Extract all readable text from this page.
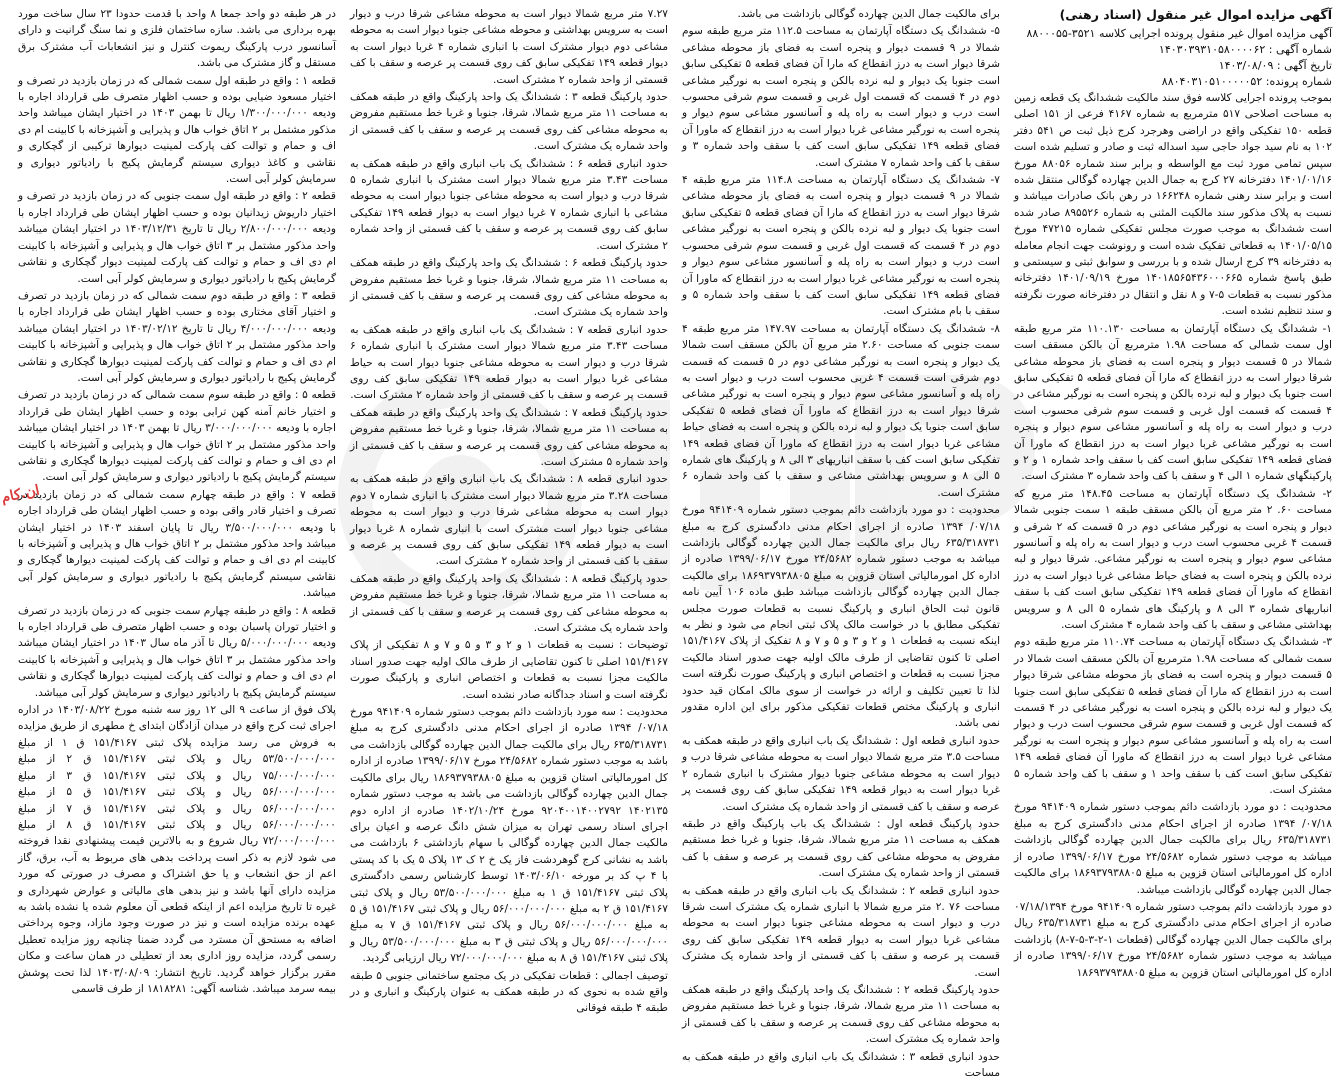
ان.کام
آگهی مزایده اموال غیر منقول (اسناد رهنی)
آگهی مزایده اموال غیر منقول پرونده اجرایی کلاسه ۳۵۲۱-۸۸۰۰۰۵۵
شماره آگهی : ۱۴۰۳۰۳۹۳۱۰۵۸۰۰۰۰۶۲
تاریخ آگهی : ۱۴۰۳/۰۸/۰۹
شماره پرونده: ۸۸۰۴۰۳۱۰۵۱۰۰۰۰۰۵۲

بموجب پرونده اجرایی کلاسه فوق سند مالکیت ششدانگ یک قطعه زمین به مساحت اصلاحی ۵۱۷ مترمربع به شماره ۴۱۶۷ فرعی از ۱۵۱ اصلی قطعه ۱۵۰ تفکیکی واقع در اراضی وهرجرد کرج ذیل ثبت ص ۵۴۱ دفتر ۱۰۲ به نام سید جواد حاجی سید اسداله ثبت و صادر و تسلیم شده است سپس تمامی مورد ثبت مع الواسطه و برابر سند شماره ۸۸۰۵۶ مورخ ۱۴۰۱/۰۱/۱۶ دفترخانه ۲۷ کرج به جمال الدین چهارده گوگالی منتقل شده است و برابر سند رهنی شماره ۱۶۶۲۴۸ در رهن بانک صادرات میباشد و نسبت به پلاک مذکور سند مالکیت المثنی به شماره ۸۹۵۵۲۶ صادر شده است ششدانگ به موجب صورت مجلس تفکیکی شماره ۴۷۲۱۵ مورخ ۱۴۰۱/۰۵/۱۵ به قطعاتی تفکیک شده است و رونوشت جهت انجام معامله به دفترخانه ۳۹ کرج ارسال شده و با بررسی و سوابق ثبتی و سیستمی و طبق پاسخ شماره ۱۴۰۱۸۵۶۵۴۳۶۰۰۰۶۶۵ مورخ ۱۴۰۱/۰۹/۱۹ دفترخانه مذکور نسبت به قطعات ۵-۷ و ۸ نقل و انتقال در دفترخانه صورت نگرفته و سند تنظیم نشده است.

۱- ششدانگ یک دستگاه آپارتمان به مساحت ۱۱۰.۱۳۰ متر مربع طبقه اول سمت شمالی که مساحت ۱.۹۸ مترمربع آن بالکن مسقف است شمالا در ۵ قسمت دیوار و پنجره است به فضای باز محوطه مشاعی شرقا دیوار است به درز انقطاع که مارا آن فضای قطعه ۵ تفکیکی سابق است جنوبا یک دیوار و لبه نرده بالکن و پنجره است به نورگیر مشاعی در ۴ قسمت که قسمت اول غربی و قسمت سوم شرقی محسوب است درب و دیوار است به راه پله و آسانسور مشاعی سوم دیوار و پنجره است به نورگیر مشاعی غربا دیوار است به درز انقطاع که ماورا آن فضای قطعه ۱۴۹ تفکیکی سابق است کف با سقف واحد شماره ۱ و ۲ و پارکینگهای شماره ۱ الی ۴ و سقف با کف واحد شماره ۳ مشترک است.

۲- ششدانگ یک دستگاه آپارتمان به مساحت ۱۴۸.۴۵ متر مربع که مساحت ۶۰. ۲ متر مربع آن بالکن مسقف طبقه ۱ سمت جنوبی شمالا دیوار و پنجره است به نورگیر مشاعی دوم در ۵ قسمت که ۲ شرقی و قسمت ۴ غربی محسوب است درب و دیوار است به راه پله و آسانسور مشاعی سوم دیوار و پنجره است به نورگیر مشاعی. شرقا دیوار و لبه نرده بالکن و پنجره است به فضای حیاط مشاعی غربا دیوار است به درز انقطاع که ماورا آن فضای قطعه ۱۴۹ تفکیکی سابق است کف با سقف انباریهای شماره ۳ الی ۸ و پارکینگ های شماره ۵ الی ۸ و سرویس بهداشتی مشاعی و سقف با کف واحد شماره ۴ مشترک است.

۳- ششدانگ یک دستگاه آپارتمان به مساحت ۱۱۰.۷۴ متر مربع طبقه دوم سمت شمالی که مساحت ۱.۹۸ مترمربع آن بالکن مسقف است شمالا در ۵ قسمت دیوار و پنجره است به فضای باز محوطه مشاعی شرقا دیوار است به درز انقطاع که مارا آن فضای قطعه ۵ تفکیکی سابق است جنوبا یک دیوار و لبه نرده بالکن و پنجره است به نورگیر مشاعی در ۴ قسمت که قسمت اول غربی و قسمت سوم شرقی محسوب است درب و دیوار است به راه پله و آسانسور مشاعی سوم دیوار و پنجره است به نورگیر مشاعی غربا دیوار است به درز انقطاع که ماورا آن فضای قطعه ۱۴۹ تفکیکی سابق است کف با سقف واحد ۱ و سقف با کف واحد شماره ۵ مشترک است.

محدودیت : دو مورد بازداشت دائم بموجب دستور شماره ۹۴۱۴۰۹ مورخ ۰۷/۱۸/ ۱۳۹۴ صادره از اجرای احکام مدنی دادگستری کرج به مبلغ ۶۳۵/۳۱۸۷۳۱ ریال برای مالکیت جمال الدین چهارده گوگالی بازداشت میباشد به موجب دستور شماره ۲۴/۵۶۸۲ مورخ ۱۳۹۹/۰۶/۱۷ صادره از اداره کل امورمالیاتی استان قزوین به مبلغ ۱۸۶۹۳۷۹۳۸۸۰۵ برای مالکیت جمال الدین چهارده گوگالی بازداشت میباشد.

دو مورد بازداشت دائم بموجب دستور شماره ۹۴۱۴۰۹ مورخ ۰۷/۱۸/۱۳۹۴ صادره از اجرای احکام مدنی دادگستری کرج به مبلغ ۶۳۵/۳۱۸۷۳۱ ریال برای مالکیت جمال الدین چهارده گوگالی (قطعات ۱-۲-۳-۵-۷-۸) بازداشت میباشد به موجب دستور شماره ۲۴/۵۶۸۲ مورخ ۱۳۹۹/۰۶/۱۷ صادره از اداره کل امورمالیاتی استان قزوین به مبلغ ۱۸۶۹۳۷۹۳۸۸۰۵

برای مالکیت جمال الدین چهارده گوگالی بازداشت می باشد.

۵- ششدانگ یک دستگاه آپارتمان به مساحت ۱۱۲.۵ متر مربع طبقه سوم شمالا در ۹ قسمت دیوار و پنجره است به فضای باز محوطه مشاعی شرقا دیوار است به درز انقطاع که مارا آن فضای قطعه ۵ تفکیکی سابق است جنوبا یک دیوار و لبه نرده بالکن و پنجره است به نورگیر مشاعی دوم در ۴ قسمت که قسمت اول غربی و قسمت سوم شرقی محسوب است درب و دیوار است به راه پله و آسانسور مشاعی سوم دیوار و پنجره است به نورگیر مشاعی غربا دیوار است به درز انقطاع که ماورا آن فضای قطعه ۱۴۹ تفکیکی سابق است کف با سقف واحد شماره ۳ و سقف با کف واحد شماره ۷ مشترک است.

۷- ششدانگ یک دستگاه آپارتمان به مساحت ۱۱۴.۸ متر مربع طبقه ۴ شمالا در ۹ قسمت دیوار و پنجره است به فضای باز محوطه مشاعی شرقا دیوار است به درز انقطاع که مارا آن فضای قطعه ۵ تفکیکی سابق است جنوبا یک دیوار و لبه نرده بالکن و پنجره است به نورگیر مشاعی دوم در ۴ قسمت که قسمت اول غربی و قسمت سوم شرقی محسوب است درب و دیوار است به راه پله و آسانسور مشاعی سوم دیوار و پنجره است به نورگیر مشاعی غربا دیوار است به درز انقطاع که ماورا آن فضای قطعه ۱۴۹ تفکیکی سابق است کف با سقف واحد شماره ۵ و سقف با بام مشترک است.

۸- ششدانگ یک دستگاه آپارتمان به مساحت ۱۴۷.۹۷ متر مربع طبقه ۴ سمت جنوبی که مساحت ۲.۶۰ متر مربع آن بالکن مسقف است شمالا یک دیوار و پنجره است به نورگیر مشاعی دوم در ۵ قسمت که قسمت دوم شرقی است قسمت ۴ غربی محسوب است درب و دیوار است به راه پله و آسانسور مشاعی سوم دیوار و پنجره است به نورگیر مشاعی شرقا دیوار است به درز انقطاع که ماورا آن فضای قطعه ۵ تفکیکی سابق است جنوبا یک دیوار و لبه نرده بالکن و پنجره است به فضای حیاط مشاعی غربا دیوار است به درز انقطاع که ماورا آن فضای قطعه ۱۴۹ تفکیکی سابق است کف با سقف انباریهای ۳ الی ۸ و پارکینگ های شماره ۵ الی ۸ و سرویس بهداشتی مشاعی و سقف با کف واحد شماره ۶ مشترک است.

محدودیت : دو مورد بازداشت دائم بموجب دستور شماره ۹۴۱۴۰۹ مورخ ۰۷/۱۸/ ۱۳۹۴ صادره از اجرای احکام مدنی دادگستری کرج به مبلغ ۶۳۵/۳۱۸۷۳۱ ریال برای مالکیت جمال الدین چهارده گوگالی بازداشت میباشد به موجب دستور شماره ۲۴/۵۶۸۲ مورخ ۱۳۹۹/۰۶/۱۷ صادره از اداره کل امورمالیاتی استان قزوین به مبلغ ۱۸۶۹۳۷۹۳۸۸۰۵ برای مالکیت جمال الدین چهارده گوگالی بازداشت میباشد طبق ماده ۱۰۶ آیین نامه قانون ثبت الحاق انباری و پارکینگ نسبت به قطعات صورت مجلس تفکیکی مطابق با در خواست مالک پلاک ثبتی انجام می شود و نظر به اینکه نسبت به قطعات ۱ و ۲ و ۳ و ۵ و ۷ و ۸ تفکیک از پلاک ۱۵۱/۴۱۶۷ اصلی تا کنون تقاضایی از طرف مالک اولیه جهت صدور اسناد مالکیت مجزا نسبت به قطعات و اختصاص انباری و پارکینگ صورت نگرفته است لذا تا تعیین تکلیف و ارائه در خواست از سوی مالک امکان قید حدود انباری و پارکینگ مختص قطعات تفکیکی مذکور برای این اداره مقدور نمی باشد.

حدود انباری قطعه اول : ششدانگ یک باب انباری واقع در طبقه همکف به مساحت ۳.۵ متر مربع شمالا دیوار است به محوطه مشاعی شرقا درب و دیوار است به محوطه مشاعی جنوبا دیوار مشترک با انباری شماره ۲ غربا دیوار است به دیوار قطعه ۱۴۹ تفکیکی سابق کف روی قسمت پر عرصه و سقف با کف قسمتی از واحد شماره یک مشترک است.

حدود پارکینگ قطعه اول : ششدانگ یک باب پارکینگ واقع در طبقه همکف به مساحت ۱۱ متر مربع شمالا، شرقا، جنوبا و غربا خط مستقیم مفروض به محوطه مشاعی کف روی قسمت پر عرصه و سقف با کف قسمتی از واحد شماره یک مشترک است.

حدود انباری قطعه ۲ : ششدانگ یک باب انباری واقع در طبقه همکف به مساحت ۷۶ .۲ متر مربع شمالا با انباری شماره یک مشترک است شرقا درب و دیوار است به محوطه مشاعی جنوبا دیوار است به محوطه مشاعی غربا دیوار است به دیوار قطعه ۱۴۹ تفکیکی سابق کف روی قسمت پر عرصه و سقف با کف قسمتی از واحد شماره یک مشترک است.

حدود پارکینگ قطعه ۲ : ششدانگ یک واحد پارکینگ واقع در طبقه همکف به مساحت ۱۱ متر مربع شمالا، شرقا، جنوبا و غربا خط مستقیم مفروض به محوطه مشاعی کف روی قسمت پر عرصه و سقف با کف قسمتی از واحد شماره یک مشترک است.

حدود انباری قطعه ۳ : ششدانگ یک باب انباری واقع در طبقه همکف به مساحت

۷.۲۷ متر مربع شمالا دیوار است به محوطه مشاعی شرقا درب و دیوار است به سرویس بهداشتی و محوطه مشاعی جنوبا دیوار است به محوطه مشاعی دوم دیوار مشترک است با انباری شماره ۴ غربا دیوار است به دیوار قطعه ۱۴۹ تفکیکی سابق کف روی قسمت پر عرصه و سقف با کف قسمتی از واحد شماره ۲ مشترک است.

حدود پارکینگ قطعه ۳ : ششدانگ یک واحد پارکینگ واقع در طبقه همکف به مساحت ۱۱ متر مربع شمالا، شرقا، جنوبا و غربا خط مستقیم مفروض به محوطه مشاعی کف روی قسمت پر عرصه و سقف با کف قسمتی از واحد شماره یک مشترک است.

حدود انباری قطعه ۶ : ششدانگ یک باب انباری واقع در طبقه همکف به مساحت ۳.۴۳ متر مربع شمالا دیوار است مشترک با انباری شماره ۵ شرقا درب و دیوار است به محوطه مشاعی جنوبا دیوار است به محوطه مشاعی با انباری شماره ۷ غربا دیوار است به دیوار قطعه ۱۴۹ تفکیکی سابق کف روی قسمت پر عرصه و سقف با کف قسمتی از واحد شماره ۲ مشترک است.

حدود پارکینگ قطعه ۶ : ششدانگ یک واحد پارکینگ واقع در طبقه همکف به مساحت ۱۱ متر مربع شمالا، شرقا، جنوبا و غربا خط مستقیم مفروض به محوطه مشاعی کف روی قسمت پر عرصه و سقف با کف قسمتی از واحد شماره یک مشترک است.

حدود انباری قطعه ۷ : ششدانگ یک باب انباری واقع در طبقه همکف به مساحت ۳.۴۳ متر مربع شمالا دیوار است مشترک با انباری شماره ۶ شرقا درب و دیوار است به محوطه مشاعی جنوبا دیوار است به حیاط مشاعی غربا دیوار است به دیوار قطعه ۱۴۹ تفکیکی سابق کف روی قسمت پر عرصه و سقف با کف قسمتی از واحد شماره ۲ مشترک است.

حدود پارکینگ قطعه ۷ : ششدانگ یک واحد پارکینگ واقع در طبقه همکف به مساحت ۱۱ متر مربع شمالا، شرقا، جنوبا و غربا خط مستقیم مفروض به محوطه مشاعی کف روی قسمت پر عرصه و سقف با کف قسمتی از واحد شماره ۵ مشترک است.

حدود انباری قطعه ۸ : ششدانگ یک باب انباری واقع در طبقه همکف به مساحت ۳.۲۸ متر مربع شمالا دیوار است مشترک با انباری شماره ۷ دوم دیوار است به محوطه مشاعی شرقا درب و دیوار است به محوطه مشاعی جنوبا دیوار است مشترک است با انباری شماره ۸ غربا دیوار است به دیوار قطعه ۱۴۹ تفکیکی سابق کف روی قسمت پر عرصه و سقف با کف قسمتی از واحد شماره ۲ مشترک است.

حدود پارکینگ قطعه ۸ : ششدانگ یک واحد پارکینگ واقع در طبقه همکف به مساحت ۱۱ متر مربع شمالا، شرقا، جنوبا و غربا خط مستقیم مفروض به محوطه مشاعی کف روی قسمت پر عرصه و سقف با کف قسمتی از واحد شماره یک مشترک است.

توضیحات : نسبت به قطعات ۱ و ۲ و ۳ و ۵ و ۷ و ۸ تفکیکی از پلاک ۱۵۱/۴۱۶۷ اصلی تا کنون تقاضایی از طرف مالک اولیه جهت صدور اسناد مالکیت مجزا نسبت به قطعات و اختصاص انباری و پارکینگ صورت نگرفته است و اسناد جداگانه صادر نشده است.

محدودیت : سه مورد بازداشت دائم بموجب دستور شماره ۹۴۱۴۰۹ مورخ ۰۷/۱۸/ ۱۳۹۴ صادره از اجرای احکام مدنی دادگستری کرج به مبلغ ۶۳۵/۳۱۸۷۳۱ ریال برای مالکیت جمال الدین چهارده گوگالی بازداشت می باشد به موجب دستور شماره ۲۴/۵۶۸۲ مورخ ۱۳۹۹/۰۶/۱۷ صادره از اداره کل امورمالیاتی استان قزوین به مبلغ ۱۸۶۹۳۷۹۳۸۸۰۵ ریال برای مالکیت جمال الدین چهارده گوگالی بازداشت می باشد به موجب دستور شماره ۱۴۰۲۱۳۵ ۹۲۰۴۰۰۱۴۰۰۲۷۹۲ مورخ ۱۴۰۲/۱۰/۲۴ صادره از اداره دوم اجرای اسناد رسمی تهران به میزان شش دانگ عرصه و اعیان برای مالکیت جمال الدین چهارده گوگالی با سهام بازداشتی ۶ بازداشت می باشد به نشانی کرج گوهردشت فاز یک خ ۲ ک ۱۳ پلاک ۵ یک با کد پستی با ۴ پ کد بر مورخه ۱۴۰۳/۰۶/۱۰ توسط کارشناس رسمی دادگستری پلاک ثبتی ۱۵۱/۴۱۶۷ ق ۱ به مبلغ ۵۳/۵۰۰/۰۰۰/۰۰۰ ریال و پلاک ثبتی ۱۵۱/۴۱۶۷ ق ۲ به مبلغ ۵۶/۰۰۰/۰۰۰/۰۰۰ ریال و پلاک ثبتی ۱۵۱/۴۱۶۷ ق ۵ به مبلغ ۵۶/۰۰۰/۰۰۰/۰۰۰ ریال و پلاک ثبتی ۱۵۱/۴۱۶۷ ق ۷ به مبلغ ۵۶/۰۰۰/۰۰۰/۰۰۰ ریال و پلاک ثبتی ق ۳ به مبلغ ۵۳/۵۰۰/۰۰۰/۰۰۰ ریال و پلاک ثبتی ۱۵۱/۴۱۶۷ ق ۸ به مبلغ ۷۲/۰۰۰/۰۰۰/۰۰۰ ریال ارزیابی گردید.

توصیف اجمالی : قطعات تفکیکی در یک مجتمع ساختمانی جنوبی ۵ طبقه واقع شده به نحوی که در طبقه همکف به عنوان پارکینگ و انباری و در طبقه ۴ طبقه فوقانی

در هر طبقه دو واحد جمعا ۸ واحد با قدمت حدودا ۲۳ سال ساخت مورد بهره برداری می باشد. سازه ساختمان فلزی و نما سنگ گرانیت و دارای آسانسور درب پارکینگ ریموت کنترل و نیز انشعابات آب مشترک برق مستقل و گاز مشترک می باشد.

قطعه ۱ : واقع در طبقه اول سمت شمالی که در زمان بازدید در تصرف و اختیار مسعود ضیایی بوده و حسب اظهار متصرف طی قرارداد اجاره با ودیعه ۱/۳۰۰/۰۰۰/۰۰۰ ریال تا بهمن ۱۴۰۳ در اختیار ایشان میباشد واحد مذکور مشتمل بر ۲ اتاق خواب هال و پذیرایی و آشپزخانه با کابینت ام دی اف و حمام و توالت کف پارکت لمینیت دیوارها ترکیبی از گچکاری و نقاشی و کاغذ دیواری سیستم گرمایش پکیج با رادیاتور دیواری و سرمایش کولر آبی است.

قطعه ۲ : واقع در طبقه اول سمت جنوبی که در زمان بازدید در تصرف و اختیار داریوش زیدانیان بوده و حسب اظهار ایشان طی قرارداد اجاره با ودیعه ۲/۸۰۰/۰۰۰/۰۰۰ ریال تا تاریخ ۱۴۰۳/۱۲/۳۱ در اختیار ایشان میباشد واحد مذکور مشتمل بر ۳ اتاق خواب هال و پذیرایی و آشپزخانه با کابینت ام دی اف و حمام و توالت کف پارکت لمینیت دیوار گچکاری و نقاشی گرمایش پکیج با رادیاتور دیواری و سرمایش کولر آبی است.

قطعه ۳ : واقع در طبقه دوم سمت شمالی که در زمان بازدید در تصرف و اختیار آقای مختاری بوده و حسب اظهار ایشان طی قرارداد اجاره با ودیعه ۴/۰۰۰/۰۰۰/۰۰۰ ریال تا تاریخ ۱۴۰۳/۰۲/۱۲ در اختیار ایشان میباشد واحد مذکور مشتمل بر ۲ اتاق خواب هال و پذیرایی و آشپزخانه با کابینت ام دی اف و حمام و توالت کف پارکت لمینیت دیوارها گچکاری و نقاشی گرمایش پکیج با رادیاتور دیواری و سرمایش کولر آبی است.

قطعه ۵ : واقع در طبقه سوم سمت شمالی که در زمان بازدید در تصرف و اختیار خانم آمنه کهن ترابی بوده و حسب اظهار ایشان طی قرارداد اجاره با ودیعه ۳/۰۰۰/۰۰۰/۰۰۰ ریال تا بهمن ۱۴۰۳ در اختیار ایشان میباشد واحد مذکور مشتمل بر ۲ اتاق خواب هال و پذیرایی و آشپزخانه با کابینت ام دی اف و حمام و توالت کف پارکت لمینیت دیوارها گچکاری و نقاشی سیستم گرمایش پکیج با رادیاتور دیواری و سرمایش کولر آبی است.

قطعه ۷ : واقع در طبقه چهارم سمت شمالی که در زمان بازدید در تصرف و اختیار قادر واقی بوده و حسب اظهار ایشان طی قرارداد اجاره با ودیعه ۳/۵۰۰/۰۰۰/۰۰۰ ریال تا پایان اسفند ۱۴۰۳ در اختیار ایشان میباشد واحد مذکور مشتمل بر ۲ اتاق خواب هال و پذیرایی و آشپزخانه با کابینت ام دی اف و حمام و توالت کف پارکت لمینیت دیوارها گچکاری و نقاشی سیستم گرمایش پکیج با رادیاتور دیواری و سرمایش کولر آبی میباشد.

قطعه ۸ : واقع در طبقه چهارم سمت جنوبی که در زمان بازدید در تصرف و اختیار توران پاسبان بوده و حسب اظهار متصرف طی قرارداد اجاره با ودیعه ۵/۰۰۰/۰۰۰/۰۰۰ ریال تا آذر ماه سال ۱۴۰۳ در اختیار ایشان میباشد واحد مذکور مشتمل بر ۳ اتاق خواب هال و پذیرایی و آشپزخانه با کابینت ام دی اف و حمام و توالت کف پارکت لمینیت دیوارها گچکاری و نقاشی سیستم گرمایش پکیج با رادیاتور دیواری و سرمایش کولر آبی میباشد.

پلاک فوق از ساعت ۹ الی ۱۲ روز سه شنبه مورخ ۱۴۰۳/۰۸/۲۲ در اداره اجرای ثبت کرج واقع در میدان آزادگان ابتدای خ مطهری از طریق مزایده به فروش می رسد مزایده پلاک ثبتی ۱۵۱/۴۱۶۷ ق ۱ از مبلغ ۵۳/۵۰۰/۰۰۰/۰۰۰ ریال و پلاک ثبتی ۱۵۱/۴۱۶۷ ق ۲ از مبلغ ۷۵/۰۰۰/۰۰۰/۰۰۰ ریال و پلاک ثبتی ۱۵۱/۴۱۶۷ ق ۳ از مبلغ ۵۶/۰۰۰/۰۰۰/۰۰۰ ریال و پلاک ثبتی ۱۵۱/۴۱۶۷ ق ۵ از مبلغ ۵۶/۰۰۰/۰۰۰/۰۰۰ ریال و پلاک ثبتی ۱۵۱/۴۱۶۷ ق ۷ از مبلغ ۵۶/۰۰۰/۰۰۰/۰۰۰ ریال و پلاک ثبتی ۱۵۱/۴۱۶۷ ق ۸ از مبلغ ۷۲/۰۰۰/۰۰۰/۰۰۰ ریال شروع و به بالاترین قیمت پیشنهادی نقدا فروخته می شود لازم به ذکر است پرداخت بدهی های مربوط به آب، برق، گاز اعم از حق انشعاب و یا حق اشتراک و مصرف در صورتی که مورد مزایده دارای آنها باشد و نیز بدهی های مالیاتی و عوارض شهرداری و غیره تا تاریخ مزایده اعم از اینکه قطعی آن معلوم شده یا نشده باشد به عهده برنده مزایده است و نیز در صورت وجود مازاد، وجوه پرداختی اضافه به مستحق آن مسترد می گردد ضمنا چنانچه روز مزایده تعطیل رسمی گردد، مزایده روز اداری بعد از تعطیلی در همان ساعت و مکان مقرر برگزار خواهد گردید. تاریخ انتشار: ۱۴۰۳/۰۸/۰۹ لذا تحت پوشش بیمه سرمد میباشد. شناسه آگهی: ۱۸۱۸۲۸۱ از طرف قاسمی
